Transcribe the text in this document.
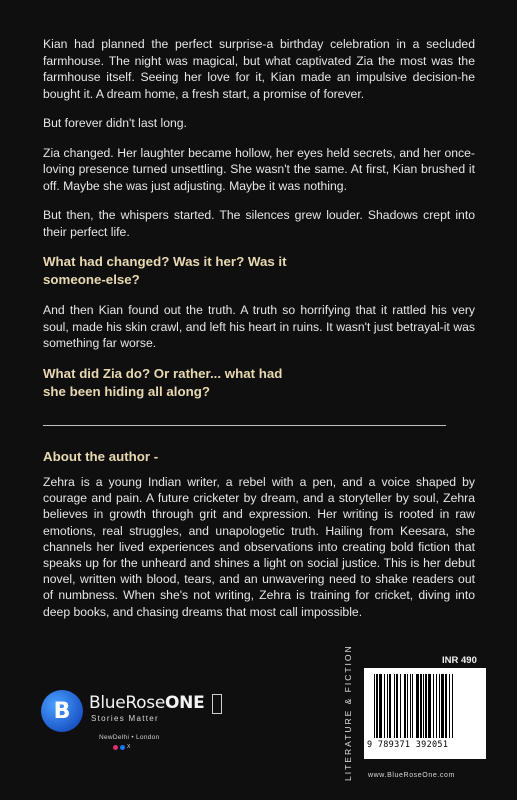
Kian had planned the perfect surprise-a birthday celebration in a secluded farmhouse. The night was magical, but what captivated Zia the most was the farmhouse itself. Seeing her love for it, Kian made an impulsive decision-he bought it. A dream home, a fresh start, a promise of forever.

But forever didn't last long.

Zia changed. Her laughter became hollow, her eyes held secrets, and her once-loving presence turned unsettling. She wasn't the same. At first, Kian brushed it off. Maybe she was just adjusting. Maybe it was nothing.

But then, the whispers started. The silences grew louder. Shadows crept into their perfect life.

What had changed? Was it her? Was it someone-else?

And then Kian found out the truth. A truth so horrifying that it rattled his very soul, made his skin crawl, and left his heart in ruins. It wasn't just betrayal-it was something far worse.

What did Zia do? Or rather... what had she been hiding all along?

About the author -

Zehra is a young Indian writer, a rebel with a pen, and a voice shaped by courage and pain. A future cricketer by dream, and a storyteller by soul, Zehra believes in growth through grit and expression. Her writing is rooted in raw emotions, real struggles, and unapologetic truth. Hailing from Keesara, she channels her lived experiences and observations into creating bold fiction that speaks up for the unheard and shines a light on social justice. This is her debut novel, written with blood, tears, and an unwavering need to shake readers out of numbness. When she's not writing, Zehra is training for cricket, diving into deep books, and chasing dreams that most call impossible.

B	BlueRoseONE
Stories Matter
NewDelhi • London
X	LITERATURE & FICTION	INR 490
9 789371 392051
www.BlueRoseOne.com
